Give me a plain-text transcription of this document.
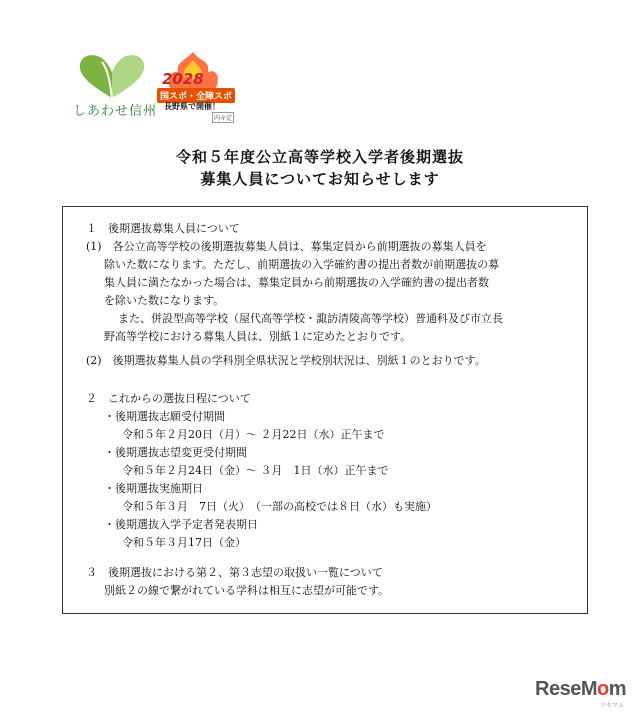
しあわせ信州
2028
国スポ・全障スポ
長野県で開催！
内々定
令和５年度公立高等学校入学者後期選抜
募集人員についてお知らせします
１　後期選抜募集人員について
(1)　各公立高等学校の後期選抜募集人員は、募集定員から前期選抜の募集人員を
除いた数になります。ただし、前期選抜の入学確約書の提出者数が前期選抜の募
集人員に満たなかった場合は、募集定員から前期選抜の入学確約書の提出者数
を除いた数になります。
また、併設型高等学校（屋代高等学校・諏訪清陵高等学校）普通科及び市立長
野高等学校における募集人員は、別紙１に定めたとおりです。
(2)　後期選抜募集人員の学科別全県状況と学校別状況は、別紙１のとおりです。
２　これからの選抜日程について
・後期選抜志願受付期間
令和５年２月20日（月）～ ２月22日（水）正午まで
・後期選抜志望変更受付期間
令和５年２月24日（金）～ ３月　1日（水）正午まで
・後期選抜実施期日
令和５年３月　7日（火）　（一部の高校では８日（水）も実施）
・後期選抜入学予定者発表期日
令和５年３月17日（金）
３　後期選抜における第２、第３志望の取扱い一覧について
別紙２の線で繋がれている学科は相互に志望が可能です。
ReseMom
リセマム
